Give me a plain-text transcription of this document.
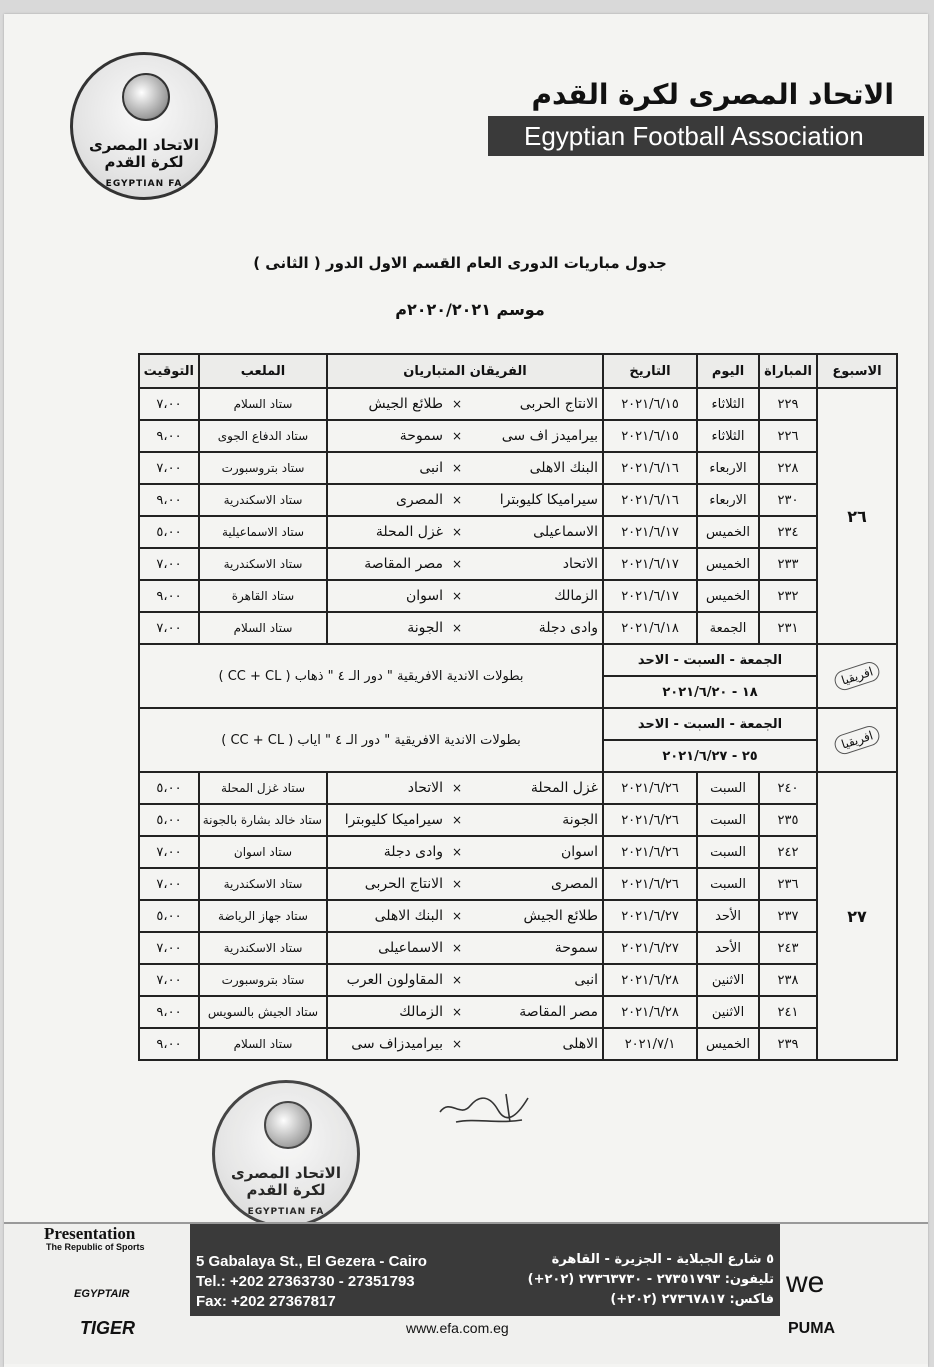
الاتحاد المصرى لكرة القدم
EGYPTIAN FA
الاتحاد المصرى لكرة القدم
Egyptian Football Association
جدول مباريات الدورى العام القسم الاول الدور ( الثانى )
موسم ٢٠٢٠/٢٠٢١م
الاسبوع	المباراة	اليوم	التاريخ	الفريقان المتباريان			الملعب	التوقيت
٢٦	٢٢٩	الثلاثاء	٢٠٢١/٦/١٥	الانتاج الحربى	×	طلائع الجيش	ستاد السلام	٧،٠٠
	٢٢٦	الثلاثاء	٢٠٢١/٦/١٥	بيراميدز اف سى	×	سموحة	ستاد الدفاع الجوى	٩،٠٠
	٢٢٨	الاربعاء	٢٠٢١/٦/١٦	البنك الاهلى	×	انبى	ستاد بتروسبورت	٧،٠٠
	٢٣٠	الاربعاء	٢٠٢١/٦/١٦	سيراميكا كليوبترا	×	المصرى	ستاد الاسكندرية	٩،٠٠
	٢٣٤	الخميس	٢٠٢١/٦/١٧	الاسماعيلى	×	غزل المحلة	ستاد الاسماعيلية	٥،٠٠
	٢٣٣	الخميس	٢٠٢١/٦/١٧	الاتحاد	×	مصر المقاصة	ستاد الاسكندرية	٧،٠٠
	٢٣٢	الخميس	٢٠٢١/٦/١٧	الزمالك	×	اسوان	ستاد القاهرة	٩،٠٠
	٢٣١	الجمعة	٢٠٢١/٦/١٨	وادى دجلة	×	الجونة	ستاد السلام	٧،٠٠
افريقيا	الجمعة - السبت - الاحد			بطولات الاندية الافريقية " دور الـ ٤ " ذهاب ( CC + CL )				
	١٨ - ٢٠٢١/٦/٢٠							
افريقيا	الجمعة - السبت - الاحد			بطولات الاندية الافريقية " دور الـ ٤ " اياب ( CC + CL )				
	٢٥ - ٢٠٢١/٦/٢٧							
٢٧	٢٤٠	السبت	٢٠٢١/٦/٢٦	غزل المحلة	×	الاتحاد	ستاد غزل المحلة	٥،٠٠
	٢٣٥	السبت	٢٠٢١/٦/٢٦	الجونة	×	سيراميكا كليوبترا	ستاد خالد بشارة بالجونة	٥،٠٠
	٢٤٢	السبت	٢٠٢١/٦/٢٦	اسوان	×	وادى دجلة	ستاد اسوان	٧،٠٠
	٢٣٦	السبت	٢٠٢١/٦/٢٦	المصرى	×	الانتاج الحربى	ستاد الاسكندرية	٧،٠٠
	٢٣٧	الأحد	٢٠٢١/٦/٢٧	طلائع الجيش	×	البنك الاهلى	ستاد جهاز الرياضة	٥،٠٠
	٢٤٣	الأحد	٢٠٢١/٦/٢٧	سموحة	×	الاسماعيلى	ستاد الاسكندرية	٧،٠٠
	٢٣٨	الاثنين	٢٠٢١/٦/٢٨	انبى	×	المقاولون العرب	ستاد بتروسبورت	٧،٠٠
	٢٤١	الاثنين	٢٠٢١/٦/٢٨	مصر المقاصة	×	الزمالك	ستاد الجيش بالسويس	٩،٠٠
	٢٣٩	الخميس	٢٠٢١/٧/١	الاهلى	×	بيراميدزاف سى	ستاد السلام	٩،٠٠
الاتحاد المصرى لكرة القدم
EGYPTIAN FA
Presentation
The Republic of Sports
EGYPTAIR
TIGER
5 Gabalaya St., El Gezera - Cairo
Tel.: +202 27363730 - 27351793
Fax: +202 27367817
٥ شارع الجبلاية - الجزيرة - القاهرة
تليفون: ٢٧٣٥١٧٩٣ - ٢٧٣٦٣٧٣٠ (٢٠٢+)
فاكس: ٢٧٣٦٧٨١٧ (٢٠٢+)
www.efa.com.eg
we
PUMA
